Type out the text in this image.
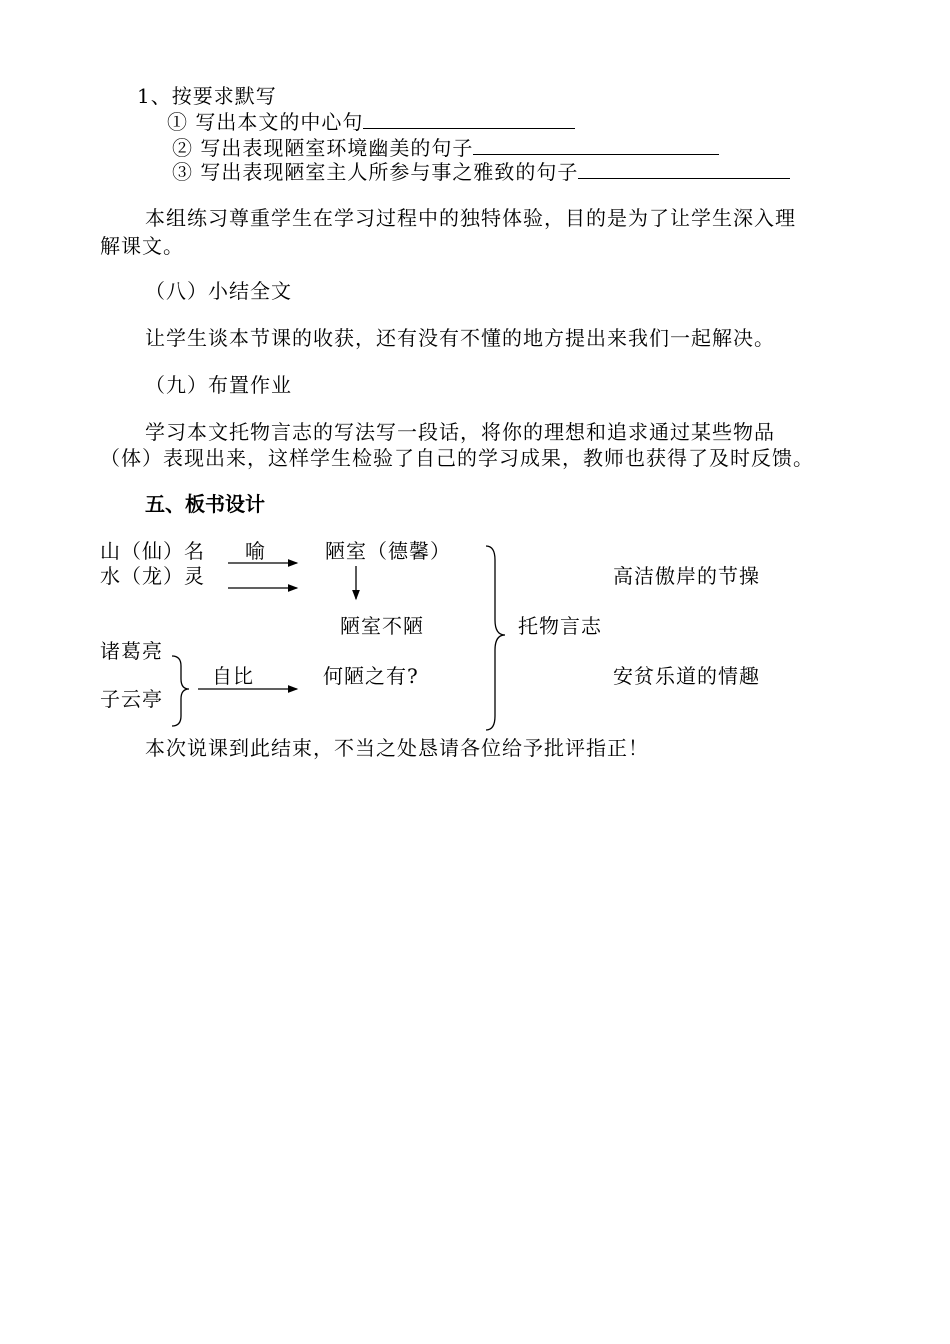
1、按要求默写
① 写出本文的中心句
② 写出表现陋室环境幽美的句子
③ 写出表现陋室主人所参与事之雅致的句子
本组练习尊重学生在学习过程中的独特体验，目的是为了让学生深入理
解课文。
（八）小结全文
让学生谈本节课的收获，还有没有不懂的地方提出来我们一起解决。
（九）布置作业
学习本文托物言志的写法写一段话，将你的理想和追求通过某些物品
（体）表现出来，这样学生检验了自己的学习成果，教师也获得了及时反馈。
五、板书设计
山（仙）名
水（龙）灵
喻	陋室（德馨）
陋室不陋
诸葛亮
子云亭
自比	何陋之有?
托物言志
高洁傲岸的节操
安贫乐道的情趣
本次说课到此结束，不当之处恳请各位给予批评指正！
